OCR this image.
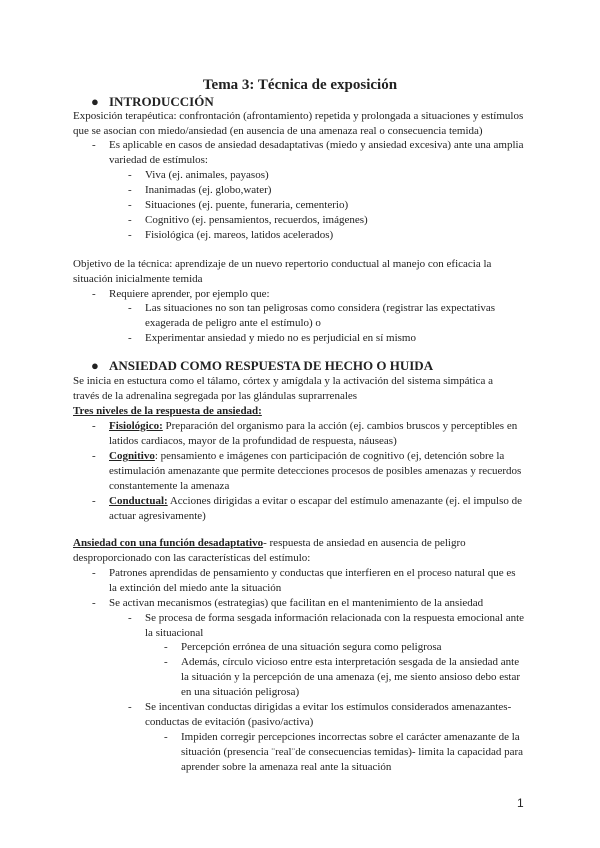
Tema 3: Técnica de exposición
● INTRODUCCIÓN
Exposición terapéutica: confrontación (afrontamiento) repetida y prolongada a situaciones y estímulos
que se asocian con miedo/ansiedad (en ausencia de una amenaza real o consecuencia temida)
- Es aplicable en casos de ansiedad desadaptativas (miedo y ansiedad excesiva) ante una amplia
variedad de estímulos:
- Viva (ej. animales, payasos)
- Inanimadas (ej. globo,water)
- Situaciones (ej. puente, funeraria, cementerio)
- Cognitivo (ej. pensamientos, recuerdos, imágenes)
- Fisiológica (ej. mareos, latidos acelerados)
Objetivo de la técnica: aprendizaje de un nuevo repertorio conductual al manejo con eficacia la
situación inicialmente temida
- Requiere aprender, por ejemplo que:
- Las situaciones no son tan peligrosas como considera (registrar las expectativas
exagerada de peligro ante el estímulo) o
- Experimentar ansiedad y miedo no es perjudicial en sí mismo
● ANSIEDAD COMO RESPUESTA DE HECHO O HUIDA
Se inicia en estuctura como el tálamo, córtex y amígdala y la activación del sistema simpática a
través de la adrenalina segregada por las glándulas suprarrenales
Tres niveles de la respuesta de ansiedad:
- Fisiológico: Preparación del organismo para la acción (ej. cambios bruscos y perceptibles en
latidos cardiacos, mayor de la profundidad de respuesta, náuseas)
- Cognitivo: pensamiento e imágenes con participación de cognitivo (ej, detención sobre la
estimulación amenazante que permite detecciones procesos de posibles amenazas y recuerdos
constantemente la amenaza
- Conductual: Acciones dirigidas a evitar o escapar del estímulo amenazante (ej. el impulso de
actuar agresivamente)
Ansiedad con una función desadaptativo- respuesta de ansiedad en ausencia de peligro
desproporcionado con las características del estímulo:
- Patrones aprendidas de pensamiento y conductas que interfieren en el proceso natural que es
la extinción del miedo ante la situación
- Se activan mecanismos (estrategias) que facilitan en el mantenimiento de la ansiedad
- Se procesa de forma sesgada información relacionada con la respuesta emocional ante
la situacional
- Percepción errónea de una situación segura como peligrosa
- Además, círculo vicioso entre esta interpretación sesgada de la ansiedad ante
la situación y la percepción de una amenaza (ej, me siento ansioso debo estar
en una situación peligrosa)
- Se incentivan conductas dirigidas a evitar los estímulos considerados amenazantes-
conductas de evitación (pasivo/activa)
- Impiden corregir percepciones incorrectas sobre el carácter amenazante de la
situación (presencia ¨real¨de consecuencias temidas)- limita la capacidad para
aprender sobre la amenaza real ante la situación
1
